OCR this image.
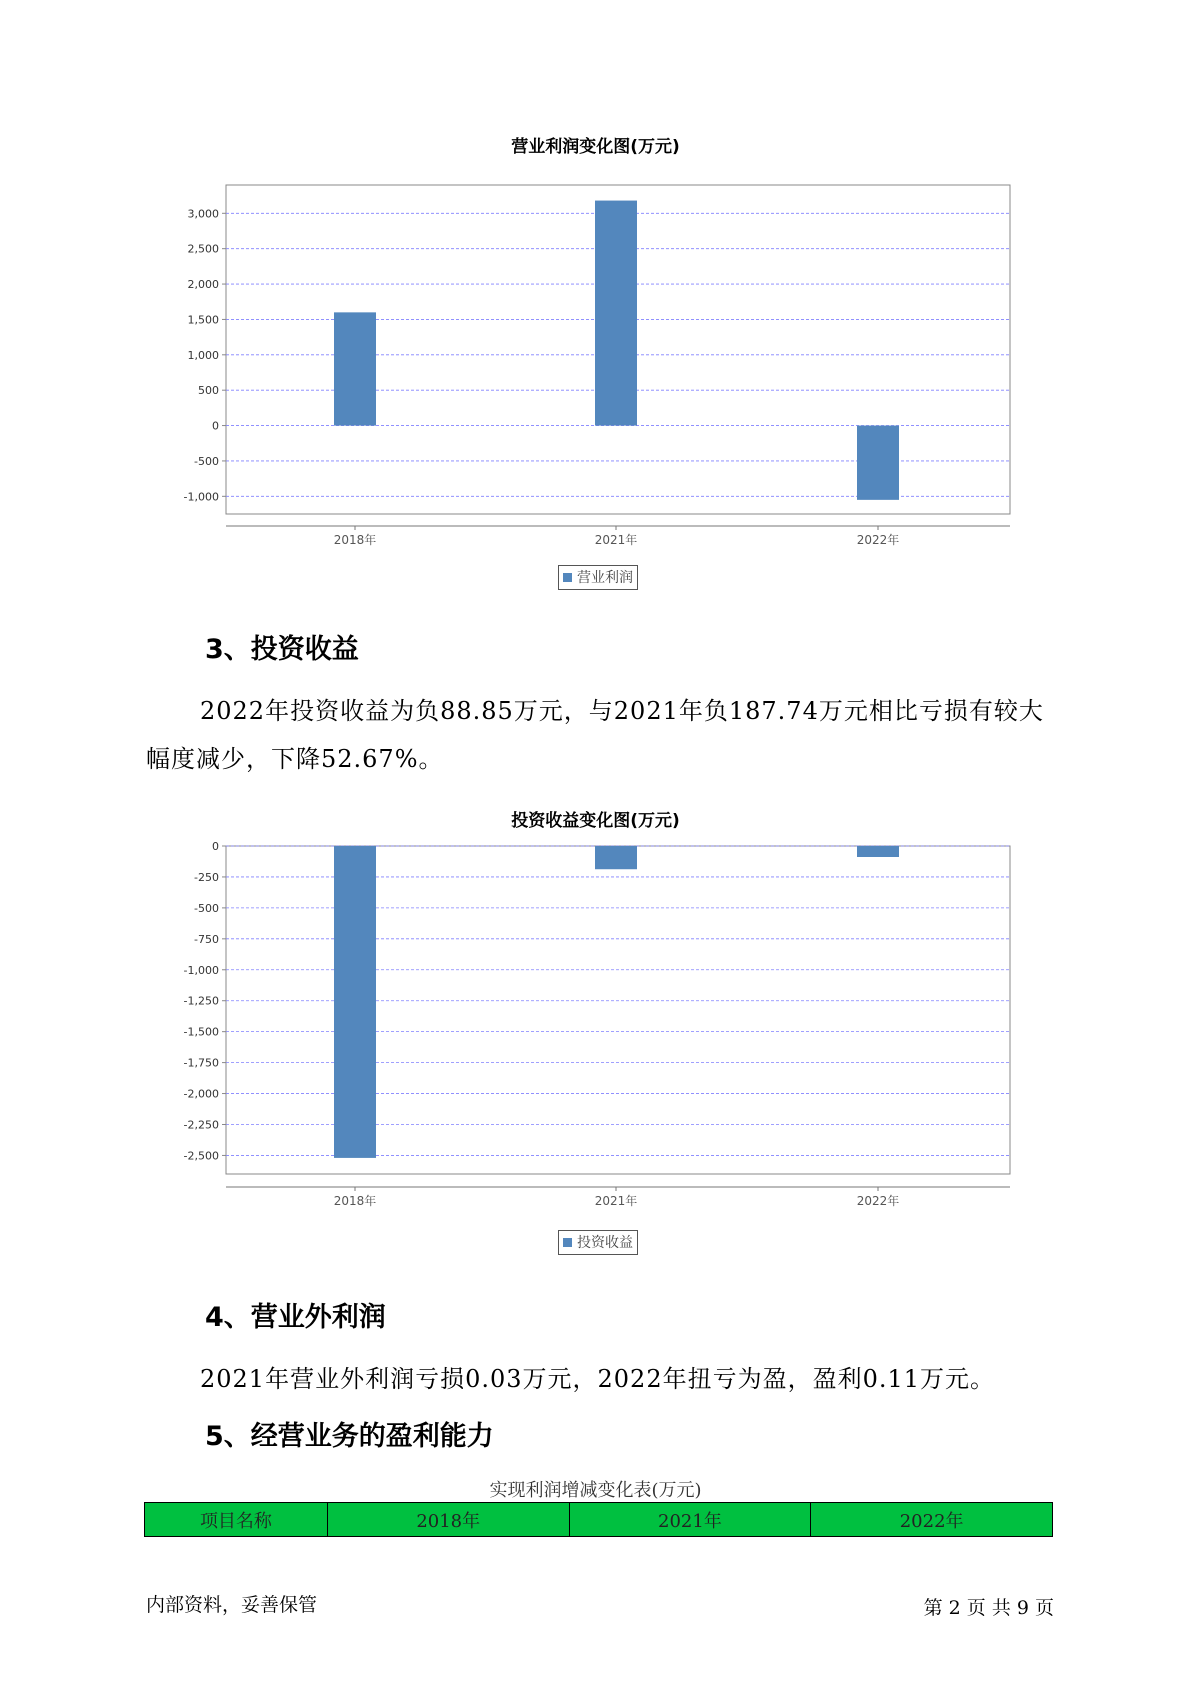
营业利润变化图(万元)
3,000
2,500
2,000
1,500
1,000
500
0
-500
-1,000
2018年	2021年	2022年
营业利润
3、投资收益
2022年投资收益为负88.85万元，与2021年负187.74万元相比亏损有较大幅度减少，下降52.67%。
投资收益变化图(万元)
0
-250
-500
-750
-1,000
-1,250
-1,500
-1,750
-2,000
-2,250
-2,500
2018年	2021年	2022年
投资收益
4、营业外利润
2021年营业外利润亏损0.03万元，2022年扭亏为盈，盈利0.11万元。
5、经营业务的盈利能力
实现利润增减变化表(万元)
项目名称	2018年	2021年	2022年
内部资料，妥善保管	第 2 页 共 9 页
